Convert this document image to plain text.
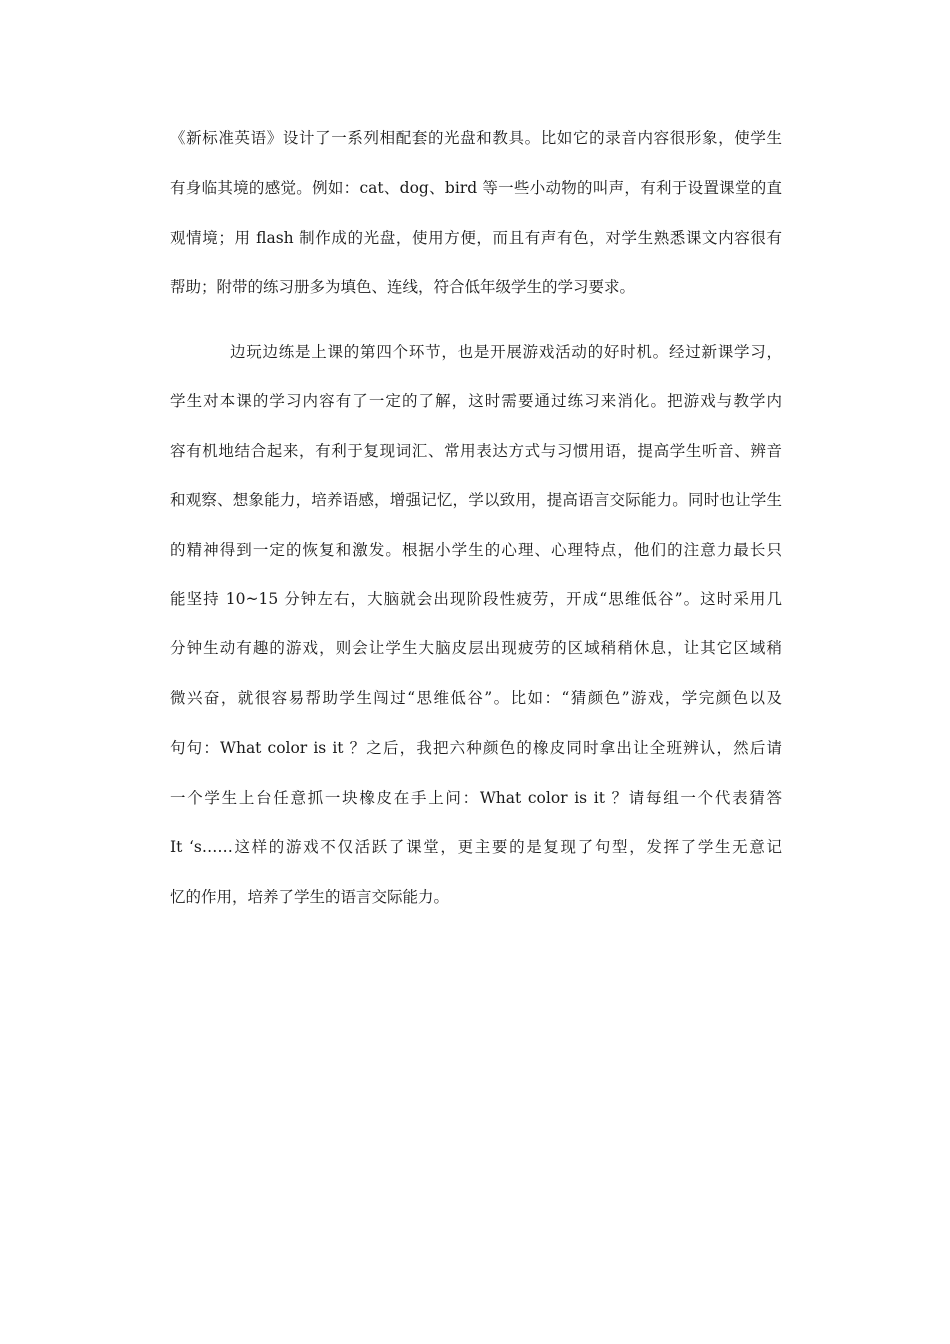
《新标准英语》设计了一系列相配套的光盘和教具。比如它的录音内容很形象，使学生
有身临其境的感觉。例如：cat、dog、bird 等一些小动物的叫声，有利于设置课堂的直
观情境；用 flash 制作成的光盘，使用方便，而且有声有色，对学生熟悉课文内容很有
帮助；附带的练习册多为填色、连线，符合低年级学生的学习要求。
边玩边练是上课的第四个环节，也是开展游戏活动的好时机。经过新课学习，
学生对本课的学习内容有了一定的了解，这时需要通过练习来消化。把游戏与教学内
容有机地结合起来，有利于复现词汇、常用表达方式与习惯用语，提高学生听音、辨音
和观察、想象能力，培养语感，增强记忆，学以致用，提高语言交际能力。同时也让学生
的精神得到一定的恢复和激发。根据小学生的心理、心理特点，他们的注意力最长只
能坚持 10~15 分钟左右，大脑就会出现阶段性疲劳，开成“思维低谷”。这时采用几
分钟生动有趣的游戏，则会让学生大脑皮层出现疲劳的区域稍稍休息，让其它区域稍
微兴奋，就很容易帮助学生闯过“思维低谷”。比如：“猜颜色”游戏，学完颜色以及
句句：What color is it ？之后，我把六种颜色的橡皮同时拿出让全班辨认，然后请
一个学生上台任意抓一块橡皮在手上问：What color is it ？请每组一个代表猜答
It ‘s……这样的游戏不仅活跃了课堂，更主要的是复现了句型，发挥了学生无意记
忆的作用，培养了学生的语言交际能力。
